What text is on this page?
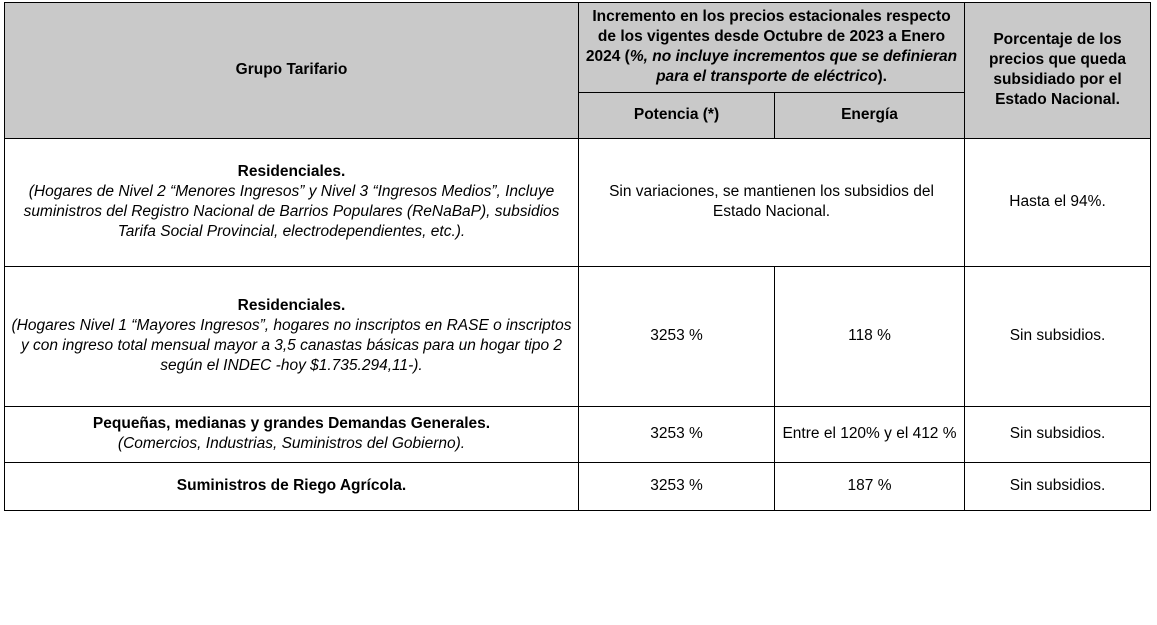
Grupo Tarifario	Incremento en los precios estacionales respecto de los vigentes desde Octubre de 2023 a Enero 2024 (%, no incluye incrementos que se definieran para el transporte de eléctrico).		Porcentaje de los precios que queda subsidiado por el Estado Nacional.
	Potencia (*)	Energía	

Residenciales.
(Hogares de Nivel 2 “Menores Ingresos” y Nivel 3 “Ingresos Medios”, Incluye suministros del Registro Nacional de Barrios Populares (ReNaBaP), subsidios Tarifa Social Provincial, electrodependientes, etc.).	Sin variaciones, se mantienen los subsidios del Estado Nacional.		Hasta el 94%.

Residenciales.
(Hogares Nivel 1 “Mayores Ingresos”, hogares no inscriptos en RASE o inscriptos y con ingreso total mensual mayor a 3,5 canastas básicas para un hogar tipo 2 según el INDEC -hoy $1.735.294,11-).	3253 %	118 %	Sin subsidios.

Pequeñas, medianas y grandes Demandas Generales.
(Comercios, Industrias, Suministros del Gobierno).	3253 %	Entre el 120% y el 412 %	Sin subsidios.

Suministros de Riego Agrícola.	3253 %	187 %	Sin subsidios.
